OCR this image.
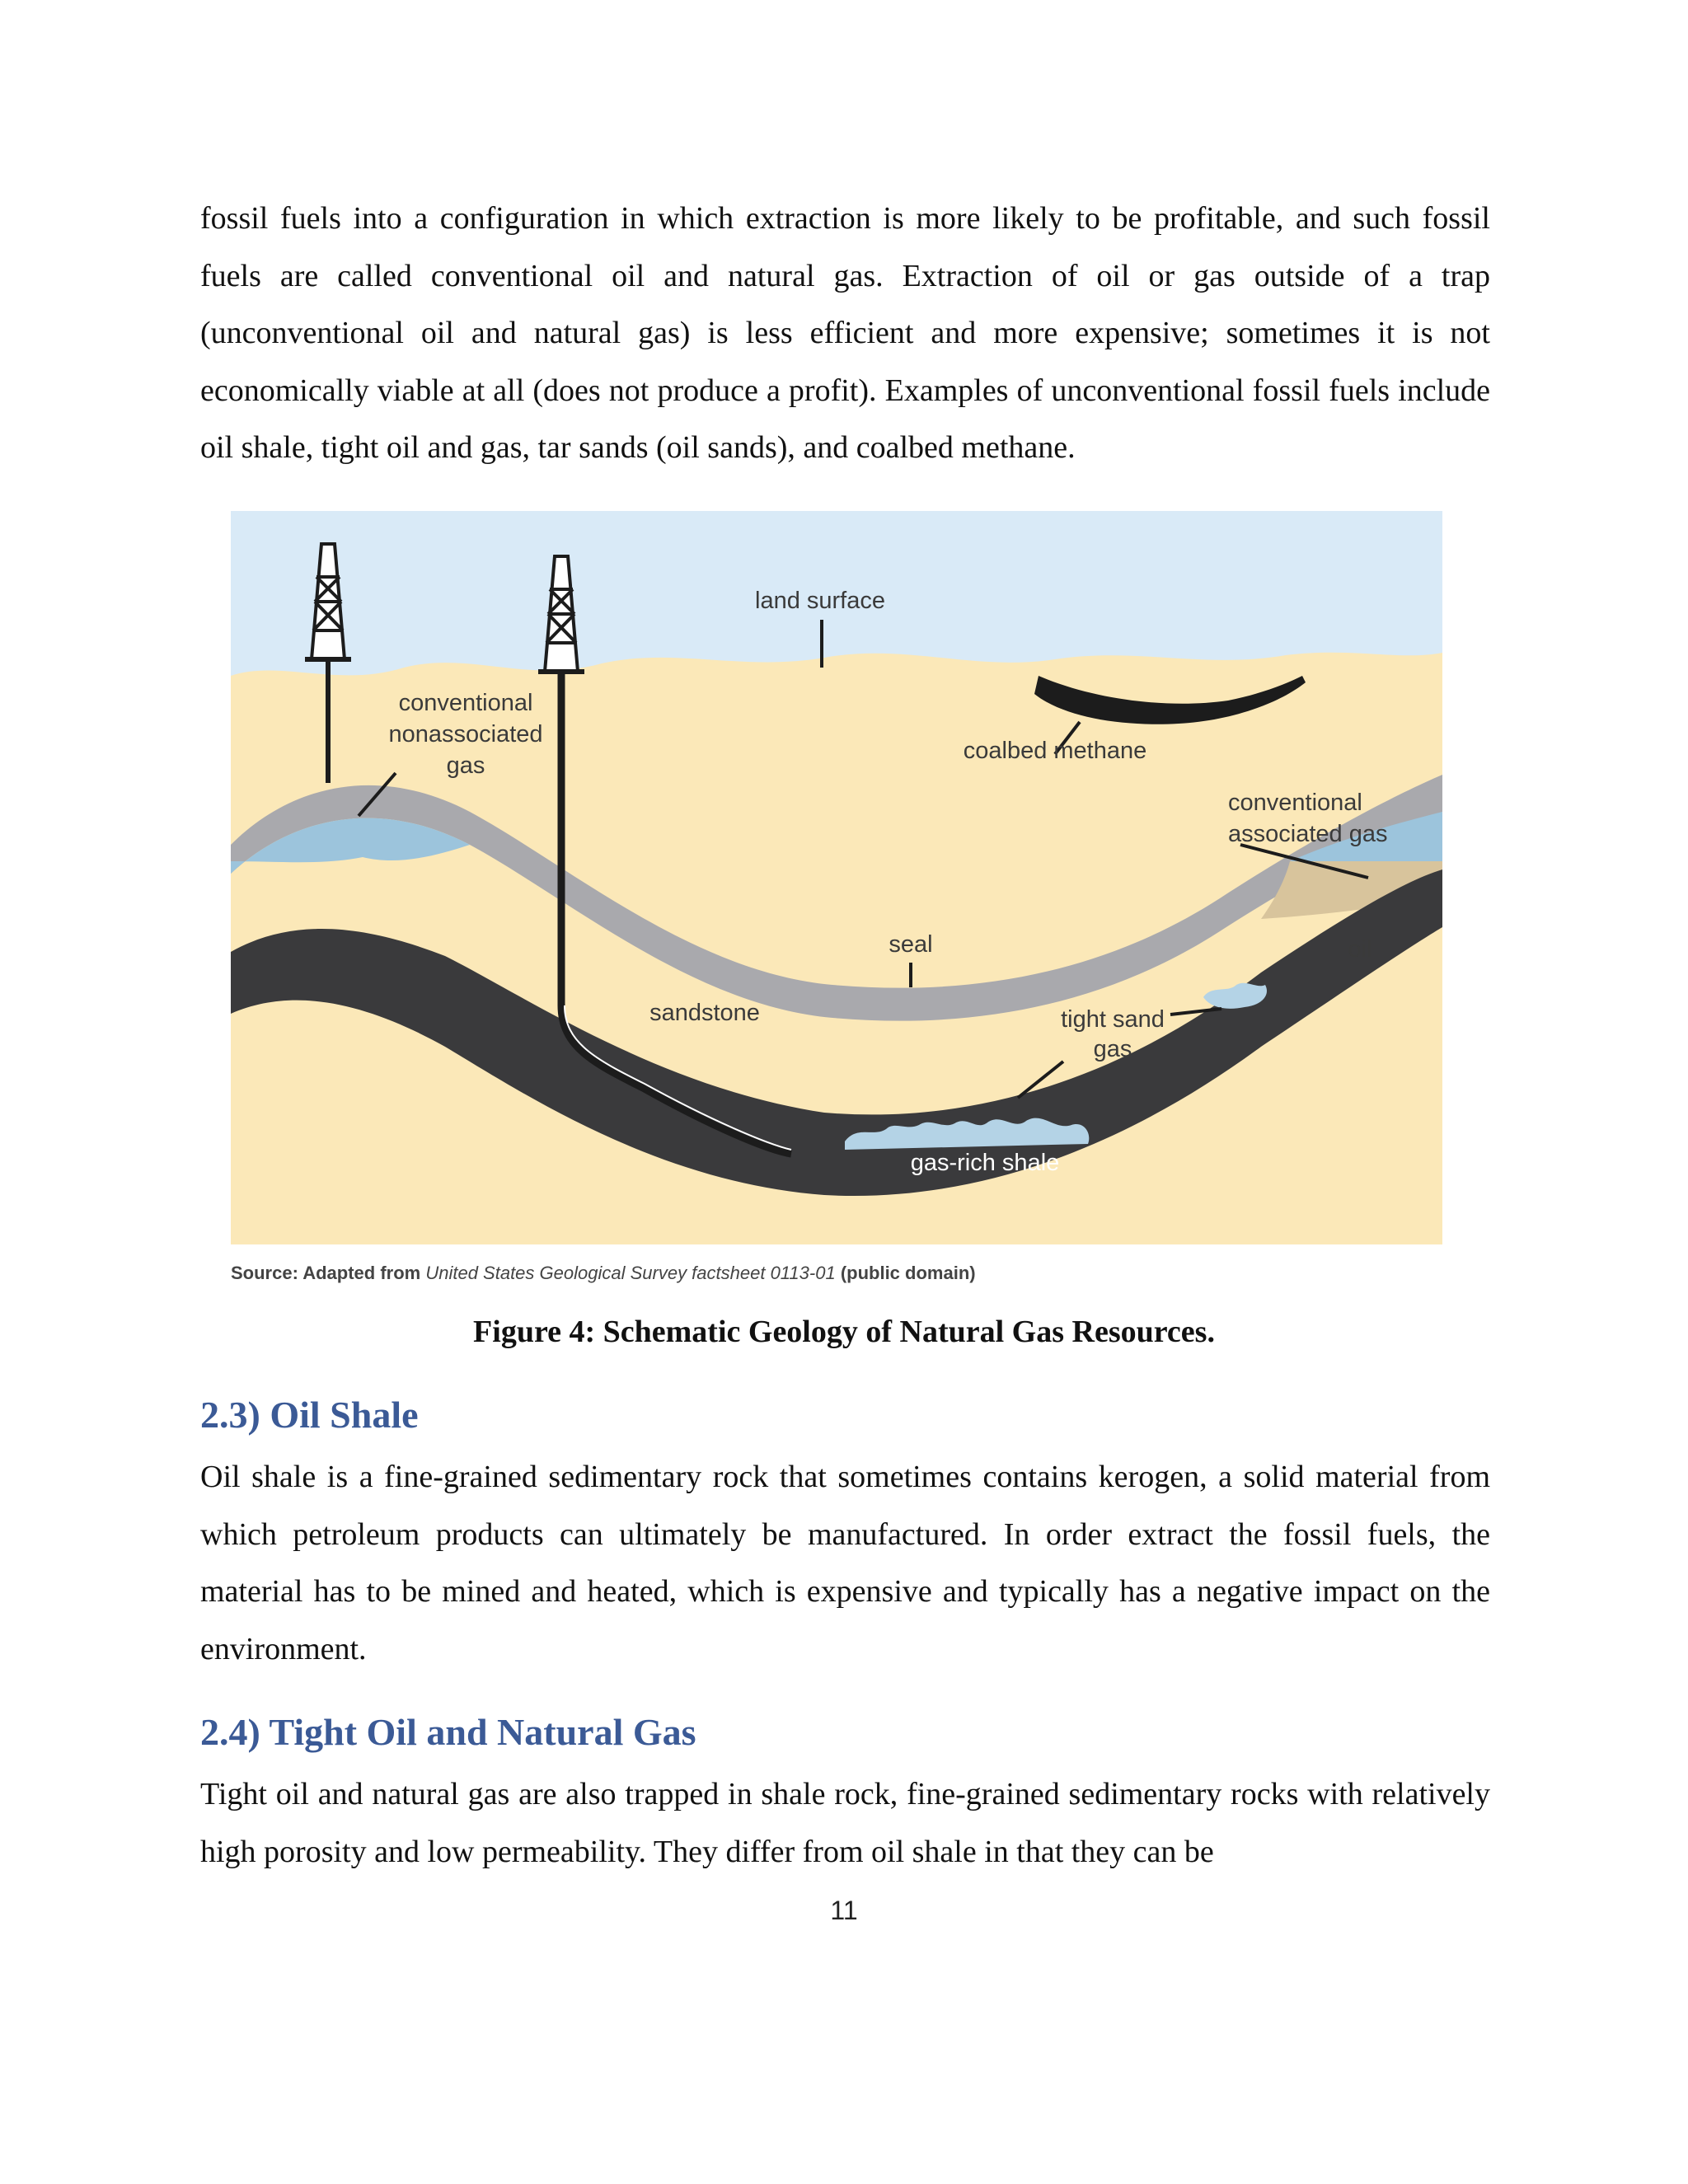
fossil fuels into a configuration in which extraction is more likely to be profitable, and such fossil fuels are called conventional oil and natural gas. Extraction of oil or gas outside of a trap (unconventional oil and natural gas) is less efficient and more expensive; sometimes it is not economically viable at all (does not produce a profit). Examples of unconventional fossil fuels include oil shale, tight oil and gas, tar sands (oil sands), and coalbed methane.

land surface
conventional
nonassociated
gas
coalbed methane
conventional
associated gas
oil
seal
sandstone	tight sand
gas
gas-rich shale

Source: Adapted from United States Geological Survey factsheet 0113-01 (public domain)

Figure 4: Schematic Geology of Natural Gas Resources.

2.3) Oil Shale

Oil shale is a fine-grained sedimentary rock that sometimes contains kerogen, a solid material from which petroleum products can ultimately be manufactured. In order extract the fossil fuels, the material has to be mined and heated, which is expensive and typically has a negative impact on the environment.

2.4) Tight Oil and Natural Gas

Tight oil and natural gas are also trapped in shale rock, fine-grained sedimentary rocks with relatively high porosity and low permeability. They differ from oil shale in that they can be

11
